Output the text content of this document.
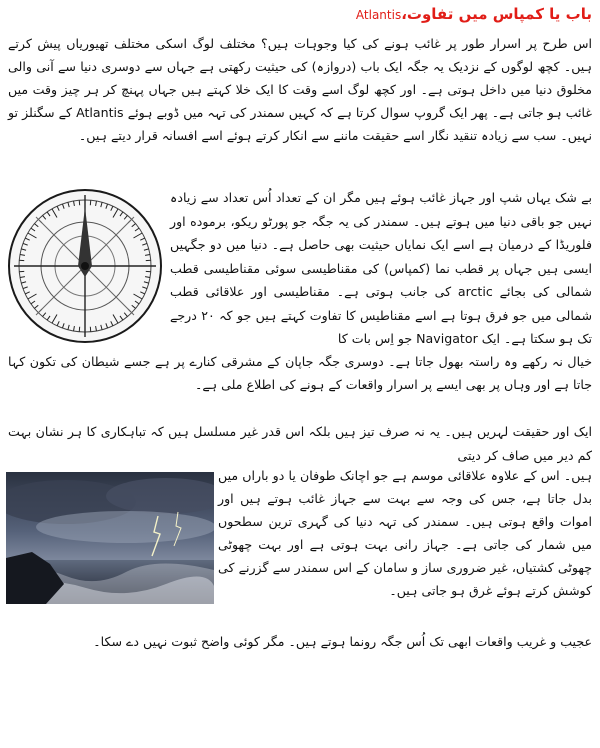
باب یا کمپاس میں تفاوت،Atlantis

اس طرح پر اسرار طور پر غائب ہونے کی کیا وجوہات ہیں؟ مختلف لوگ اسکی مختلف تھیوریاں پیش کرتے ہیں۔ کچھ لوگوں کے نزدیک یہ جگہ ایک باب (دروازہ) کی حیثیت رکھتی ہے جہاں سے دوسری دنیا سے آنی والی مخلوق دنیا میں داخل ہوتی ہے۔ اور کچھ لوگ اسے وقت کا ایک خلا کہتے ہیں جہاں پہنچ کر ہر چیز وقت میں غائب ہو جاتی ہے۔ پھر ایک گروپ سوال کرتا ہے کہ کہیں سمندر کی تہہ میں ڈوبے ہوئے Atlantis کے سگنلز تو نہیں۔ سب سے زیادہ تنقید نگار اسے حقیقت ماننے سے انکار کرتے ہوئے اسے افسانہ قرار دیتے ہیں۔

بے شک یہاں شپ اور جہاز غائب ہوئے ہیں مگر ان کے تعداد اُس تعداد سے زیادہ نہیں جو باقی دنیا میں ہوتے ہیں۔ سمندر کی یہ جگہ جو پورٹو ریکو، برموده اور فلوریڈا کے درمیان ہے اسے ایک نمایاں حیثیت بھی حاصل ہے۔ دنیا میں دو جگہیں ایسی ہیں جہاں پر قطب نما (کمپاس) کی مقناطیسی سوئی مقناطیسی قطب شمالی کی بجائے arctic کی جانب ہوتی ہے۔ مقناطیسی اور علاقائی قطب شمالی میں جو فرق ہوتا ہے اسے مقناطیس کا تفاوت کہتے ہیں جو کہ ۲۰ درجے تک ہو سکتا ہے۔ ایک Navigator جو اِس بات کا

خیال نہ رکھے وہ راستہ بھول جاتا ہے۔ دوسری جگہ جاپان کے مشرقی کنارے پر ہے جسے شیطان کی تکون کہا جاتا ہے اور وہاں پر بھی ایسے پر اسرار واقعات کے ہونے کی اطلاع ملی ہے۔

ایک اور حقیقت لہریں ہیں۔ یہ نہ صرف تیز ہیں بلکہ اس قدر غیر مسلسل ہیں کہ تباہکاری کا ہر نشان بہت کم دیر میں صاف کر دیتی

ہیں۔ اس کے علاوہ علاقائی موسم ہے جو اچانک طوفان یا دو باراں میں بدل جاتا ہے، جس کی وجہ سے بہت سے جہاز غائب ہوتے ہیں اور اموات واقع ہوتی ہیں۔ سمندر کی تہہ دنیا کی گہری ترین سطحوں میں شمار کی جاتی ہے۔ جہاز رانی بہت ہوتی ہے اور بہت چھوٹی چھوٹی کشتیاں، غیر ضروری ساز و سامان کے اس سمندر سے گزرنے کی کوشش کرتے ہوئے غرق ہو جاتی ہیں۔

عجیب و غریب واقعات ابھی تک اُس جگہ رونما ہوتے ہیں۔ مگر کوئی واضح ثبوت نہیں دے سکا۔
